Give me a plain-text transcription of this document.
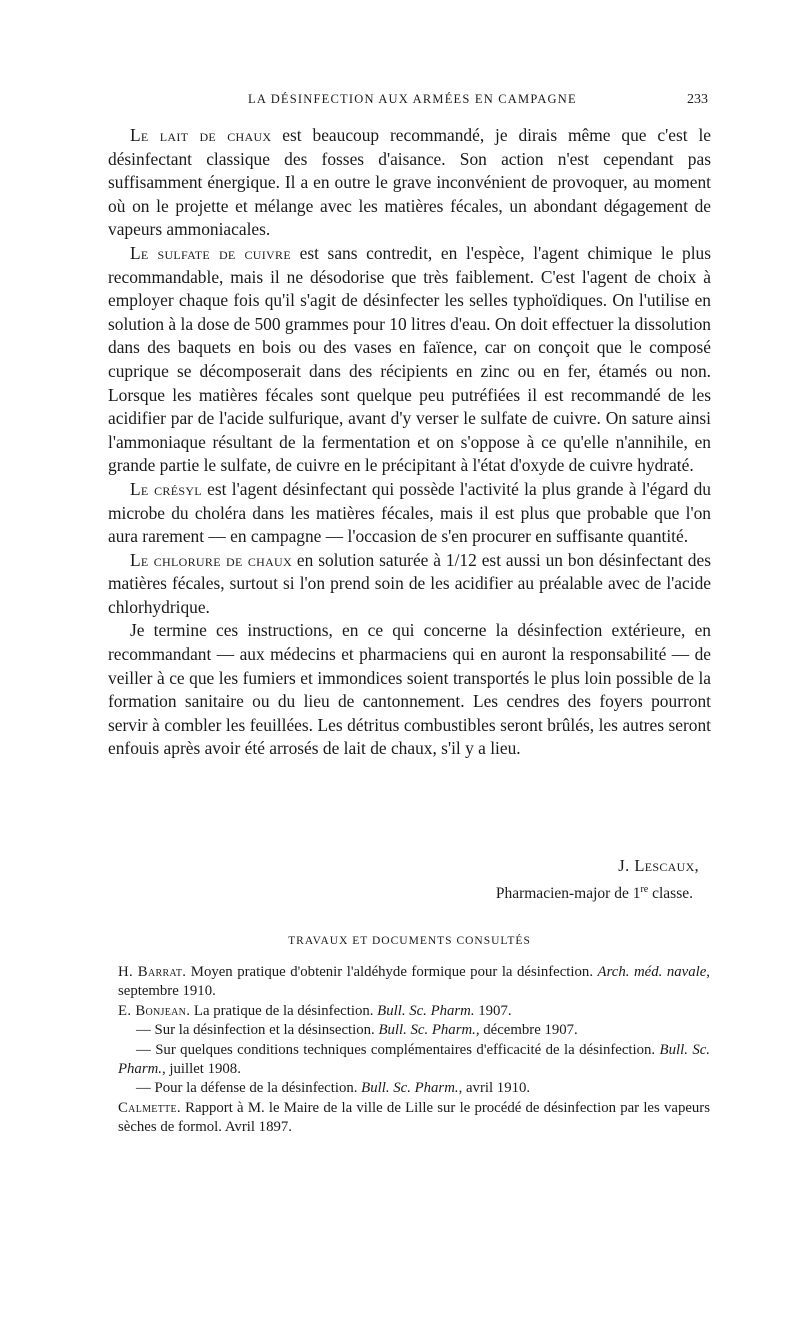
LA DÉSINFECTION AUX ARMÉES EN CAMPAGNE	233

Le lait de chaux est beaucoup recommandé, je dirais même que c'est le désinfectant classique des fosses d'aisance. Son action n'est cependant pas suffisamment énergique. Il a en outre le grave inconvénient de provoquer, au moment où on le projette et mélange avec les matières fécales, un abondant dégagement de vapeurs ammoniacales.

Le sulfate de cuivre est sans contredit, en l'espèce, l'agent chimique le plus recommandable, mais il ne désodorise que très faiblement. C'est l'agent de choix à employer chaque fois qu'il s'agit de désinfecter les selles typhoïdiques. On l'utilise en solution à la dose de 500 grammes pour 10 litres d'eau. On doit effectuer la dissolution dans des baquets en bois ou des vases en faïence, car on conçoit que le composé cuprique se décomposerait dans des récipients en zinc ou en fer, étamés ou non. Lorsque les matières fécales sont quelque peu putréfiées il est recommandé de les acidifier par de l'acide sulfurique, avant d'y verser le sulfate de cuivre. On sature ainsi l'ammoniaque résultant de la fermentation et on s'oppose à ce qu'elle n'annihile, en grande partie le sulfate, de cuivre en le précipitant à l'état d'oxyde de cuivre hydraté.

Le crésyl est l'agent désinfectant qui possède l'activité la plus grande à l'égard du microbe du choléra dans les matières fécales, mais il est plus que probable que l'on aura rarement — en campagne — l'occasion de s'en procurer en suffisante quantité.

Le chlorure de chaux en solution saturée à 1/12 est aussi un bon désinfectant des matières fécales, surtout si l'on prend soin de les acidifier au préalable avec de l'acide chlorhydrique.

Je termine ces instructions, en ce qui concerne la désinfection extérieure, en recommandant — aux médecins et pharmaciens qui en auront la responsabilité — de veiller à ce que les fumiers et immondices soient transportés le plus loin possible de la formation sanitaire ou du lieu de cantonnement. Les cendres des foyers pourront servir à combler les feuillées. Les détritus combustibles seront brûlés, les autres seront enfouis après avoir été arrosés de lait de chaux, s'il y a lieu.

J. Lescaux,
Pharmacien-major de 1re classe.
TRAVAUX ET DOCUMENTS CONSULTÉS

H. Barrat. Moyen pratique d'obtenir l'aldéhyde formique pour la désinfection. Arch. méd. navale, septembre 1910.

E. Bonjean. La pratique de la désinfection. Bull. Sc. Pharm. 1907.

— Sur la désinfection et la désinsection. Bull. Sc. Pharm., décembre 1907.

— Sur quelques conditions techniques complémentaires d'efficacité de la désinfection. Bull. Sc. Pharm., juillet 1908.

— Pour la défense de la désinfection. Bull. Sc. Pharm., avril 1910.

Calmette. Rapport à M. le Maire de la ville de Lille sur le procédé de désinfection par les vapeurs sèches de formol. Avril 1897.
